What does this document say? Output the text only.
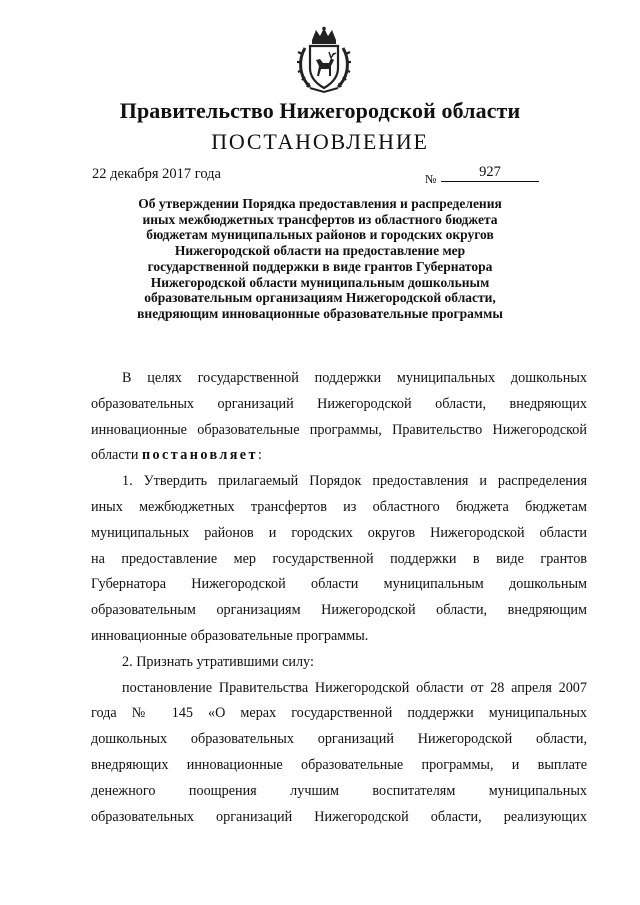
Правительство Нижегородской области
ПОСТАНОВЛЕНИЕ
22 декабря 2017 года	№	927
Об утверждении Порядка предоставления и распределения
иных межбюджетных трансфертов из областного бюджета
бюджетам муниципальных районов и городских округов
Нижегородской области на предоставление мер
государственной поддержки в виде грантов Губернатора
Нижегородской области муниципальным дошкольным
образовательным организациям Нижегородской области,
внедряющим инновационные образовательные программы
В целях государственной поддержки муниципальных дошкольных
образовательных организаций Нижегородской области, внедряющих
инновационные образовательные программы, Правительство Нижегородской
области постановляет:
1. Утвердить прилагаемый Порядок предоставления и распределения
иных межбюджетных трансфертов из областного бюджета бюджетам
муниципальных районов и городских округов Нижегородской области
на предоставление мер государственной поддержки в виде грантов
Губернатора Нижегородской области муниципальным дошкольным
образовательным организациям Нижегородской области, внедряющим
инновационные образовательные программы.
2. Признать утратившими силу:
постановление Правительства Нижегородской области от 28 апреля 2007
года № 145 «О мерах государственной поддержки муниципальных
дошкольных образовательных организаций Нижегородской области,
внедряющих инновационные образовательные программы, и выплате
денежного поощрения лучшим воспитателям муниципальных
образовательных организаций Нижегородской области, реализующих
